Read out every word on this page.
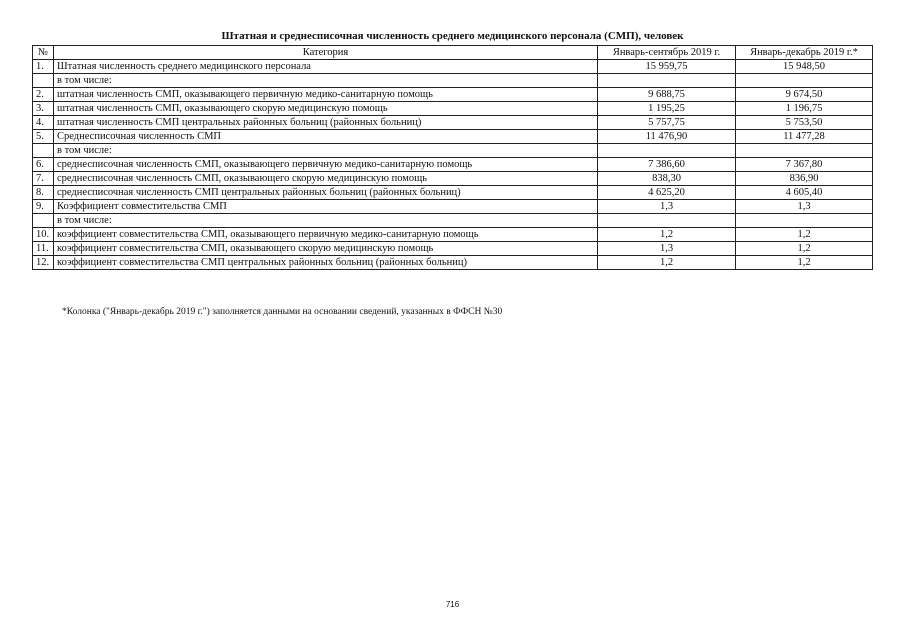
Штатная и среднесписочная численность среднего медицинского персонала (СМП), человек
№	Категория	Январь-сентябрь 2019 г.	Январь-декабрь 2019 г.*
1.	Штатная численность среднего медицинского персонала	15 959,75	15 948,50
	в том числе:		
2.	штатная численность СМП, оказывающего первичную медико-санитарную помощь	9 688,75	9 674,50
3.	штатная численность СМП, оказывающего скорую медицинскую помощь	1 195,25	1 196,75
4.	штатная численность СМП центральных районных больниц (районных больниц)	5 757,75	5 753,50
5.	Среднесписочная численность СМП	11 476,90	11 477,28
	в том числе:		
6.	среднесписочная численность СМП, оказывающего первичную медико-санитарную помощь	7 386,60	7 367,80
7.	среднесписочная численность СМП, оказывающего скорую медицинскую помощь	838,30	836,90
8.	среднесписочная численность СМП центральных районных больниц (районных больниц)	4 625,20	4 605,40
9.	Коэффициент совместительства СМП	1,3	1,3
	в том числе:		
10.	коэффициент совместительства СМП, оказывающего первичную медико-санитарную помощь	1,2	1,2
11.	коэффициент совместительства СМП, оказывающего скорую медицинскую помощь	1,3	1,2
12.	коэффициент совместительства СМП центральных районных больниц (районных больниц)	1,2	1,2
*Колонка ("Январь-декабрь 2019 г.") заполняется данными на основании сведений, указанных в ФФСН №30
716
